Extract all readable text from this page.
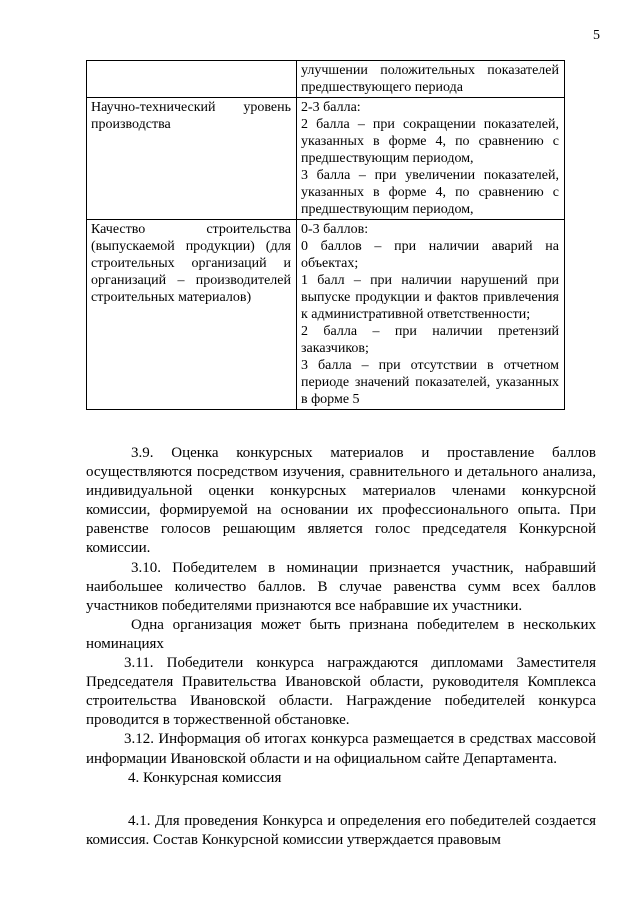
5

	улучшении положительных показателей предшествующего периода

Научно-технический уровень производства	2-3 балла:
2 балла – при сокращении показателей, указанных в форме 4, по сравнению с предшествующим периодом,
3 балла – при увеличении показателей, указанных в форме 4, по сравнению с предшествующим периодом,

Качество строительства (выпускаемой продукции) (для строительных организаций и организаций – производителей строительных материалов)	0-3 баллов:
0 баллов – при наличии аварий на объектах;
1 балл – при наличии нарушений при выпуске продукции и фактов привлечения к административной ответственности;
2 балла – при наличии претензий заказчиков;
3 балла – при отсутствии в отчетном периоде значений показателей, указанных в форме 5

3.9. Оценка конкурсных материалов и проставление баллов осуществляются посредством изучения, сравнительного и детального анализа, индивидуальной оценки конкурсных материалов членами конкурсной комиссии, формируемой на основании их профессионального опыта. При равенстве голосов решающим является голос председателя Конкурсной комиссии.

3.10. Победителем в номинации признается участник, набравший наибольшее количество баллов. В случае равенства сумм всех баллов участников победителями признаются все набравшие их участники.

Одна организация может быть признана победителем в нескольких номинациях

3.11. Победители конкурса награждаются дипломами Заместителя Председателя Правительства Ивановской области, руководителя Комплекса строительства Ивановской области. Награждение победителей конкурса проводится в торжественной обстановке.

3.12. Информация об итогах конкурса размещается в средствах массовой информации Ивановской области и на официальном сайте Департамента.

4. Конкурсная комиссия

4.1. Для проведения Конкурса и определения его победителей создается комиссия. Состав Конкурсной комиссии утверждается правовым
